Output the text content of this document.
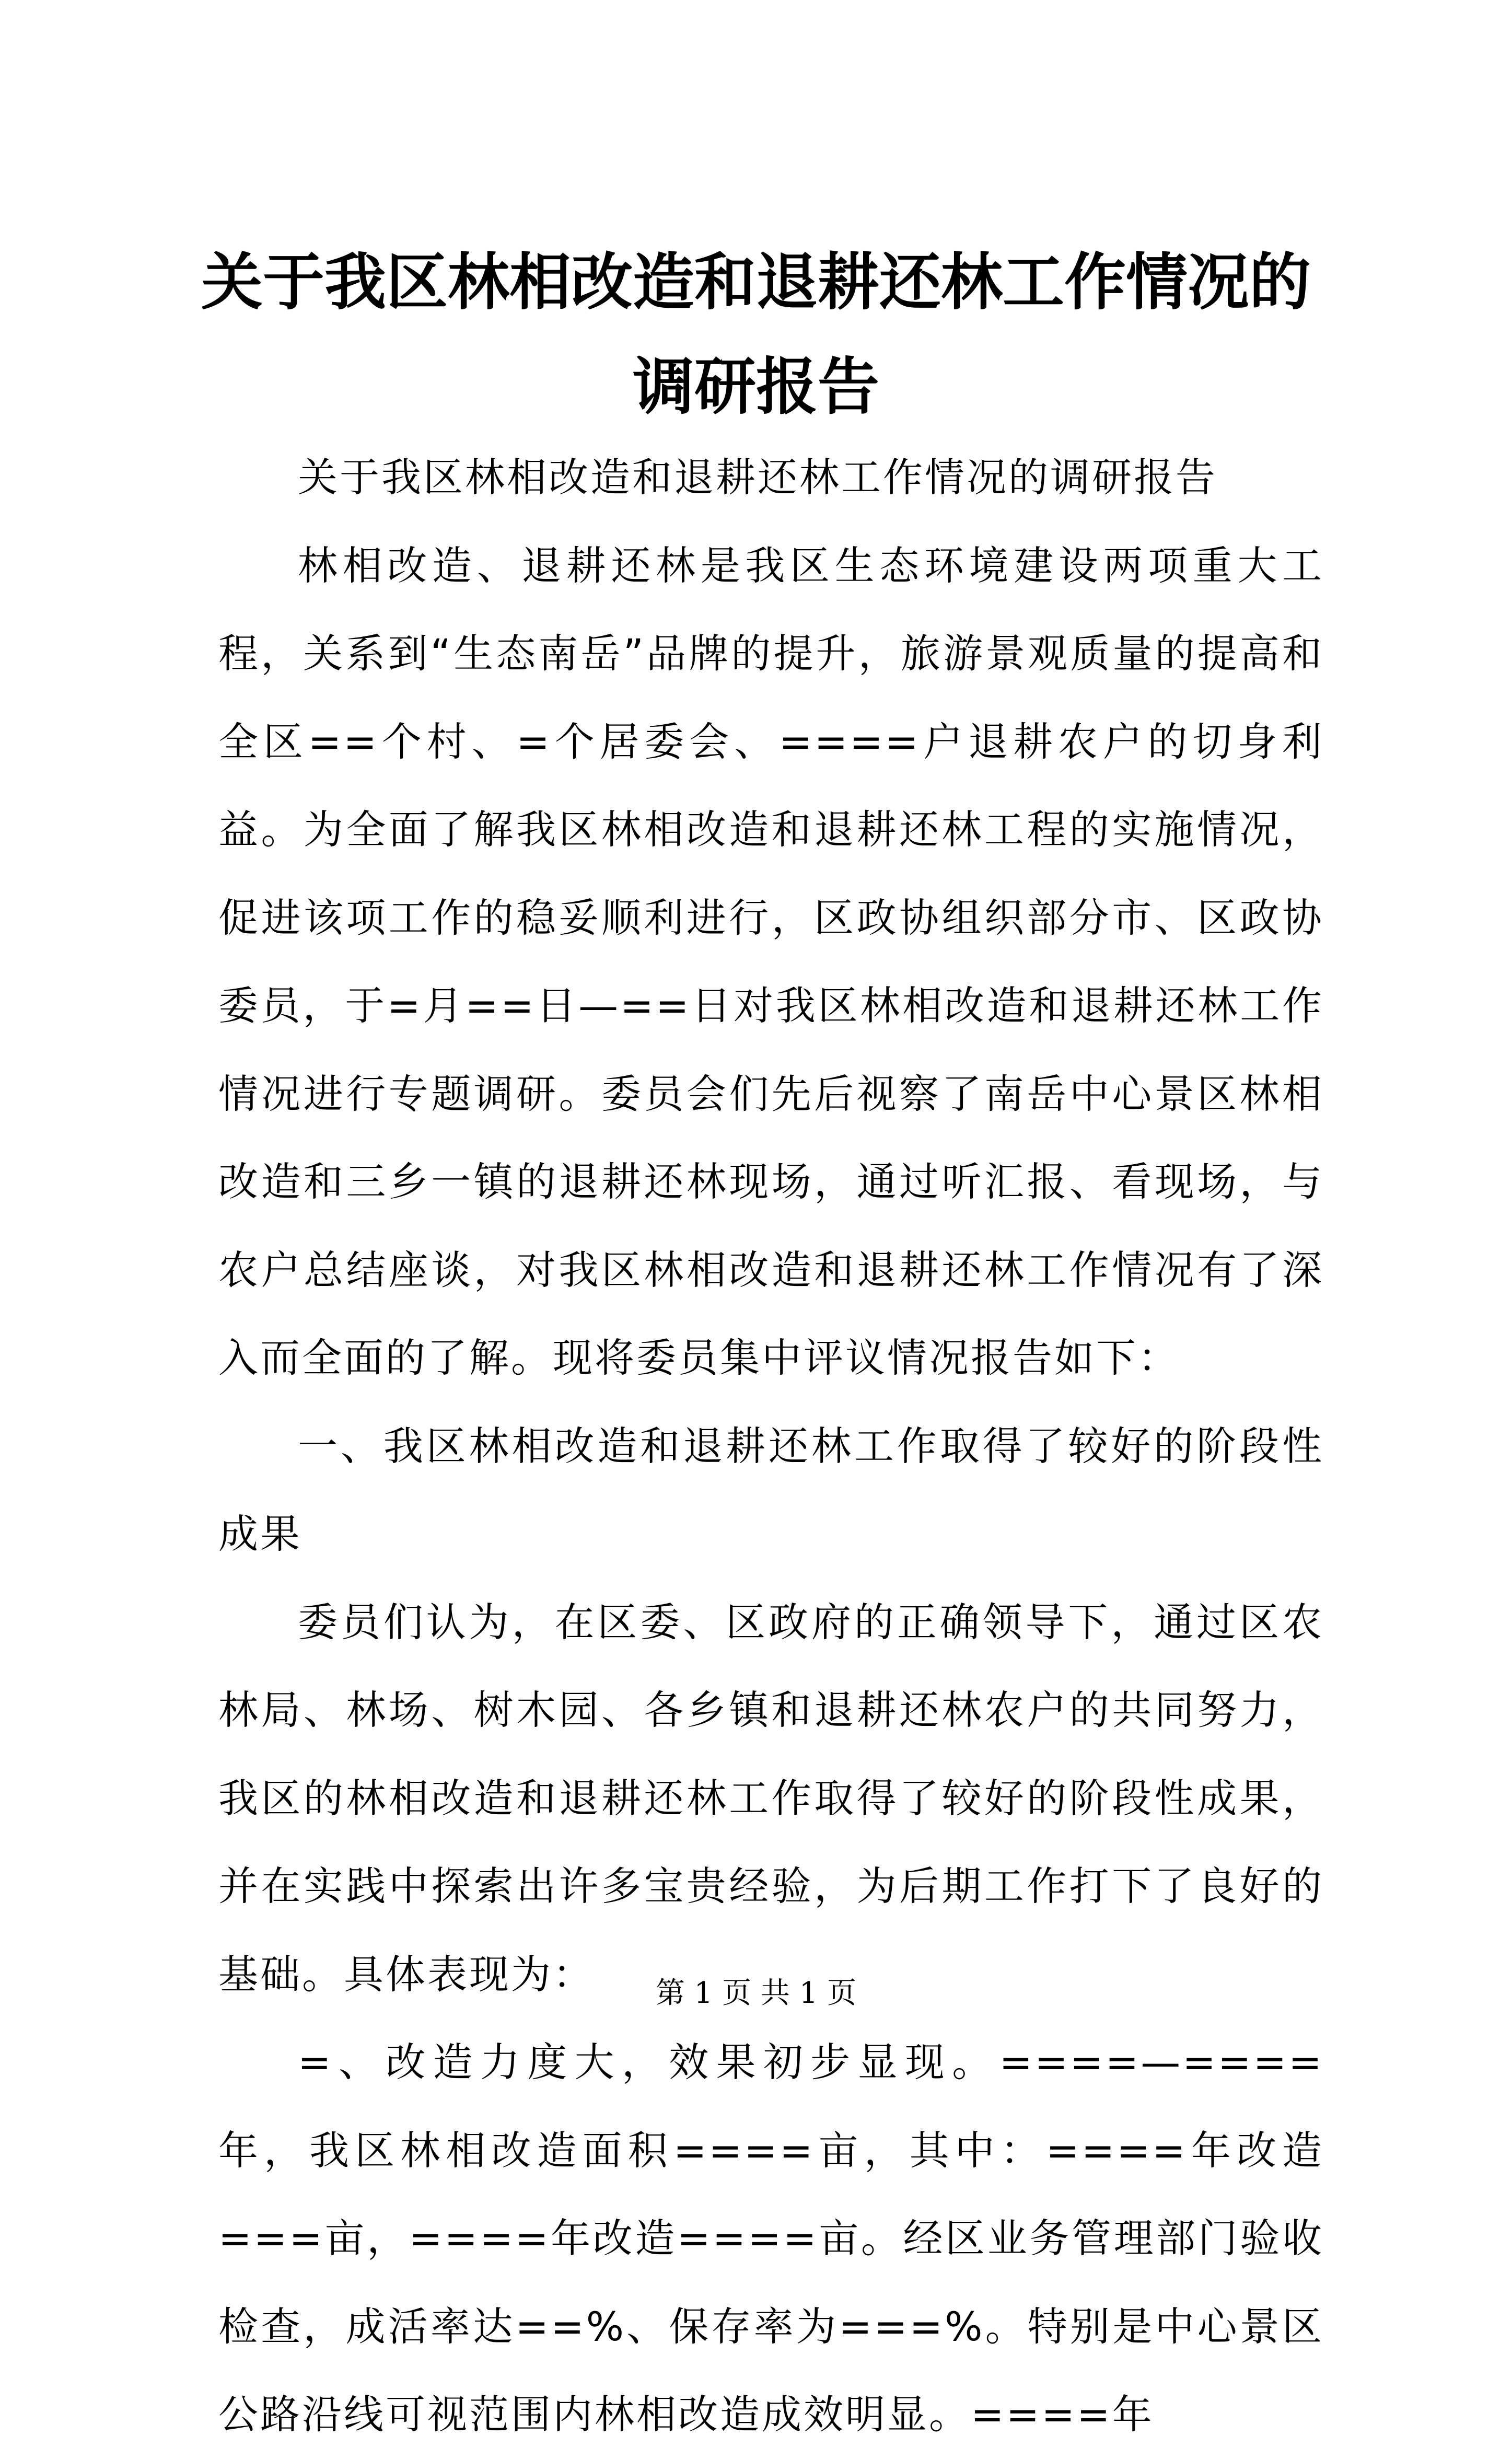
关于我区林相改造和退耕还林工作情况的调研报告

关于我区林相改造和退耕还林工作情况的调研报告

林相改造、退耕还林是我区生态环境建设两项重大工程，关系到“生态南岳”品牌的提升，旅游景观质量的提高和全区==个村、=个居委会、====户退耕农户的切身利益。为全面了解我区林相改造和退耕还林工程的实施情况，促进该项工作的稳妥顺利进行，区政协组织部分市、区政协委员，于=月==日—==日对我区林相改造和退耕还林工作情况进行专题调研。委员会们先后视察了南岳中心景区林相改造和三乡一镇的退耕还林现场，通过听汇报、看现场，与农户总结座谈，对我区林相改造和退耕还林工作情况有了深入而全面的了解。现将委员集中评议情况报告如下：

一、我区林相改造和退耕还林工作取得了较好的阶段性成果

委员们认为，在区委、区政府的正确领导下，通过区农林局、林场、树木园、各乡镇和退耕还林农户的共同努力，我区的林相改造和退耕还林工作取得了较好的阶段性成果，并在实践中探索出许多宝贵经验，为后期工作打下了良好的基础。具体表现为：

=、改造力度大，效果初步显现。====—====年，我区林相改造面积====亩，其中：====年改造===亩，====年改造====亩。经区业务管理部门验收检查，成活率达==%、保存率为===%。特别是中心景区公路沿线可视范围内林相改造成效明显。====年

第 1 页 共 1 页
